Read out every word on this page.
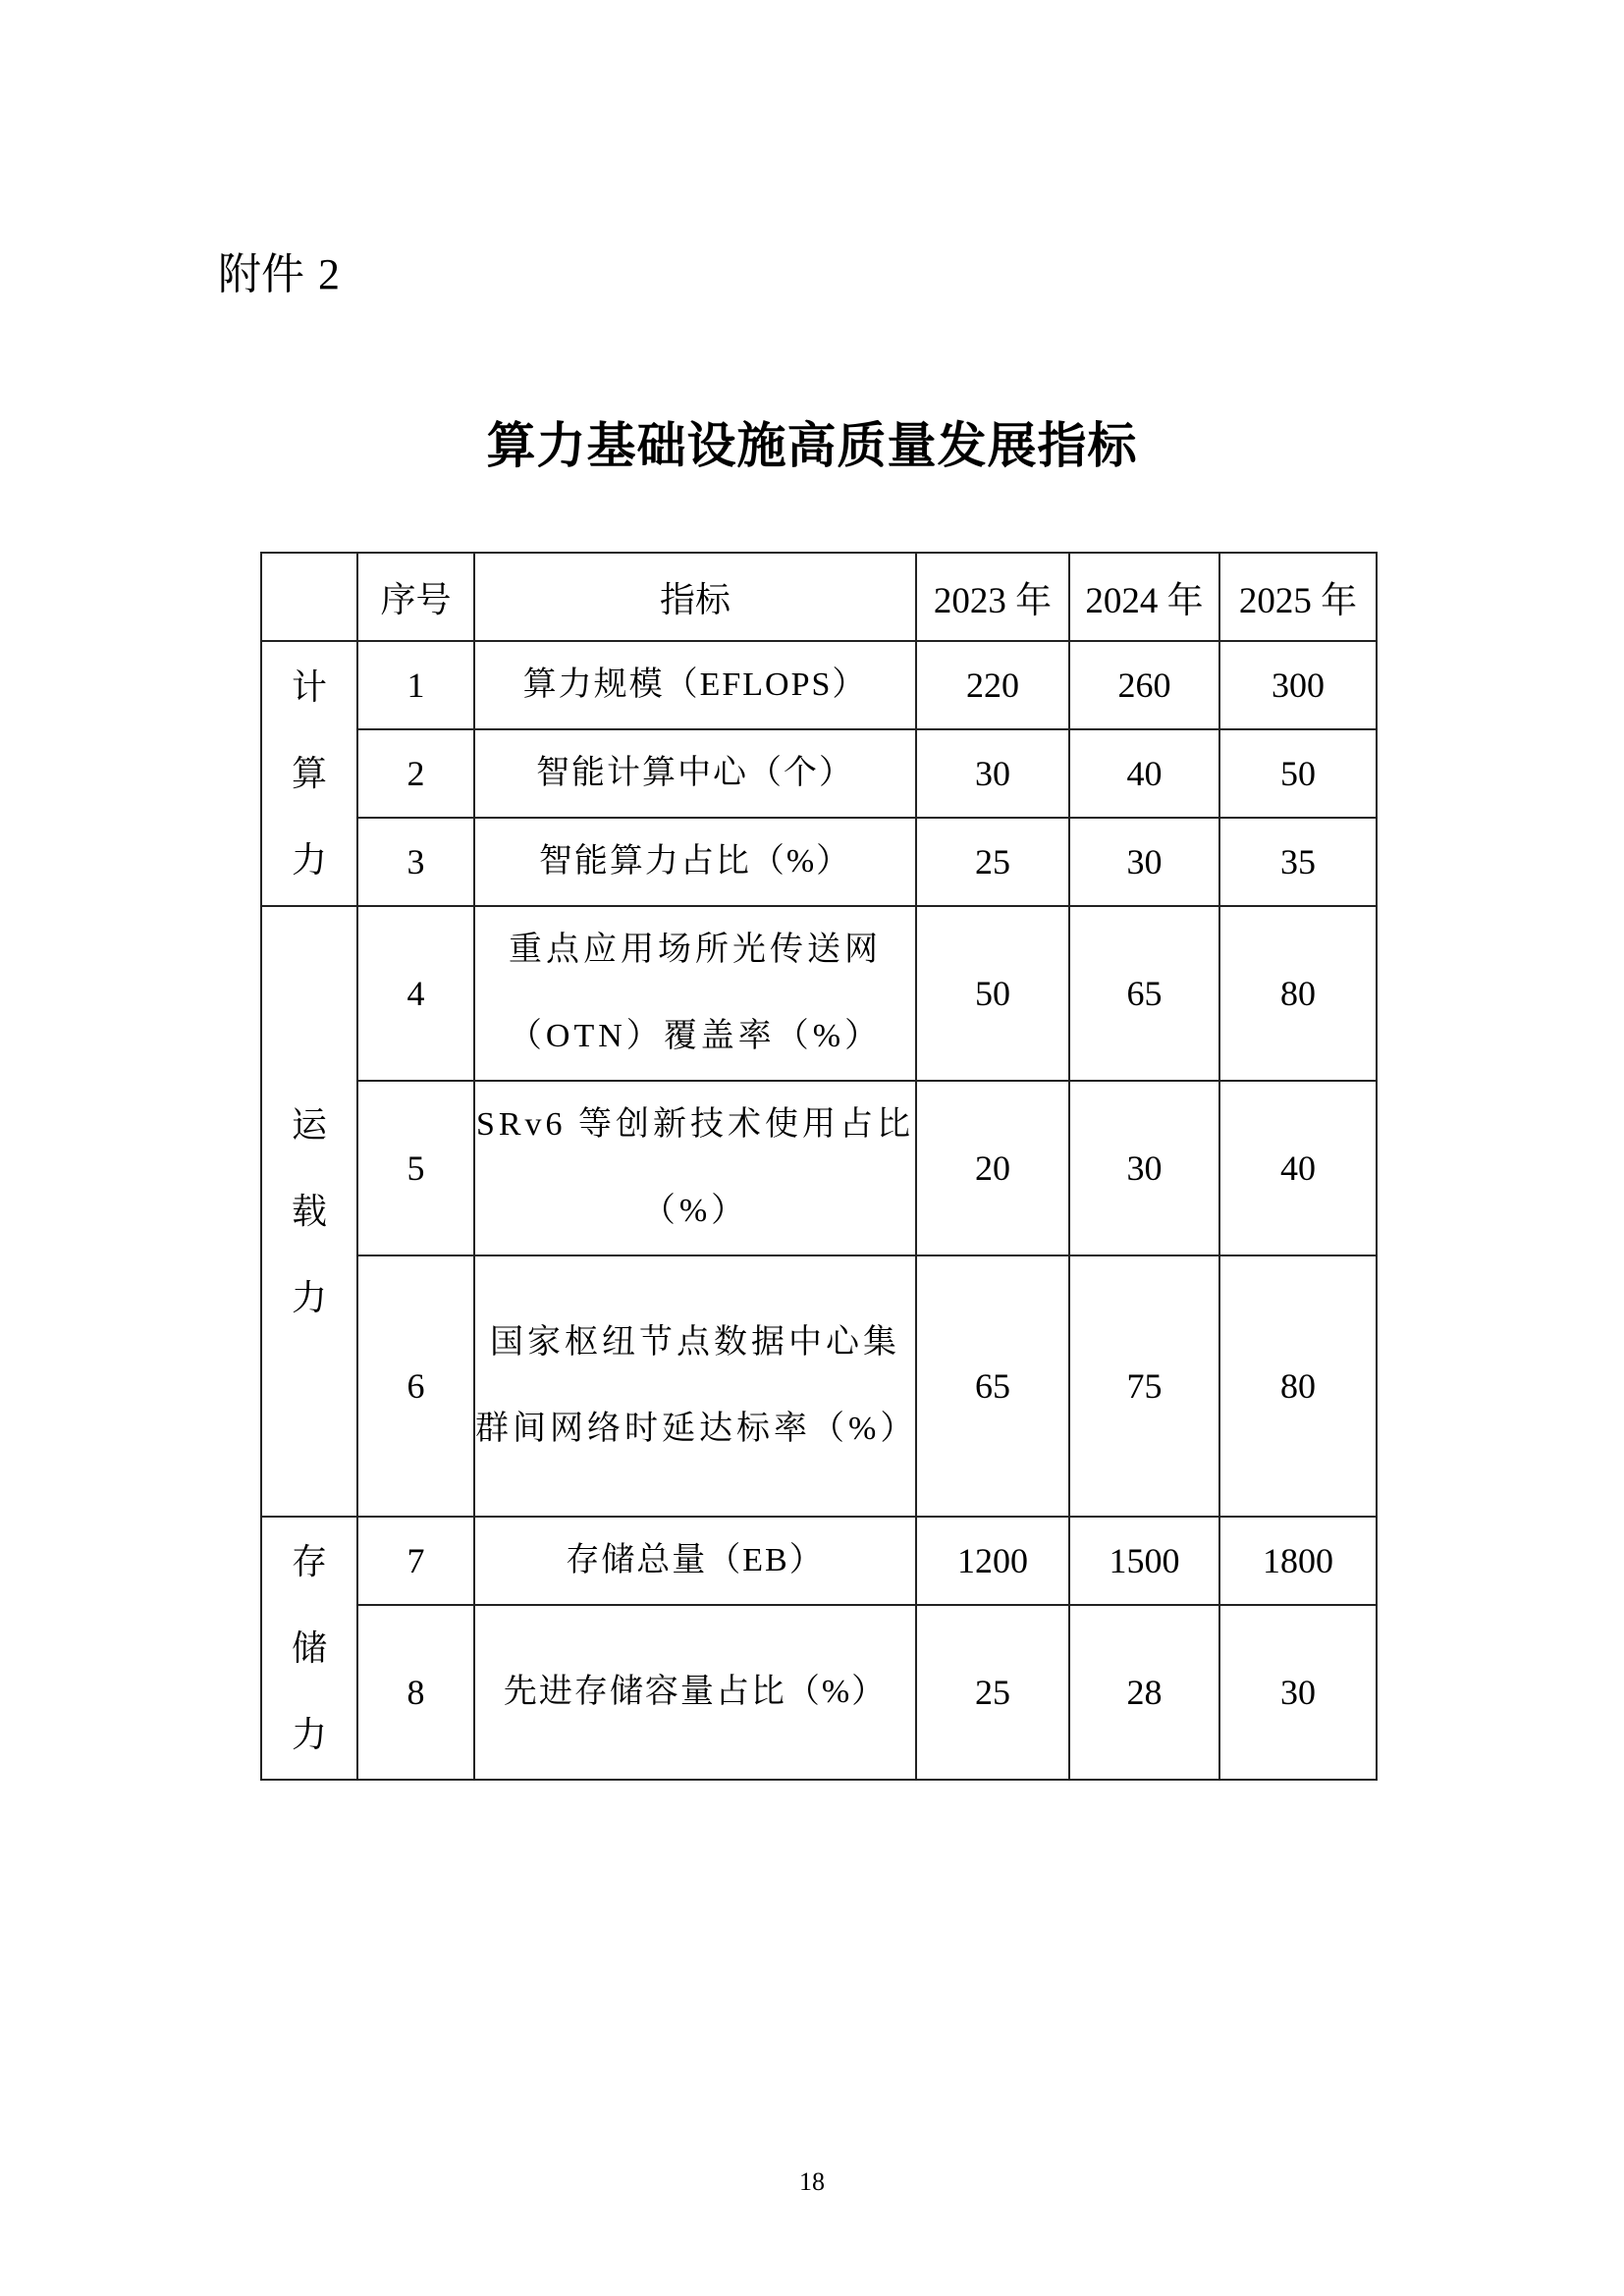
附件 2
算力基础设施高质量发展指标
	序号	指标	2023 年	2024 年	2025 年
计算力	1	算力规模（EFLOPS）	220	260	300
	2	智能计算中心（个）	30	40	50
	3	智能算力占比（%）	25	30	35
运载力	4	重点应用场所光传送网（OTN）覆盖率（%）	50	65	80
	5	SRv6 等创新技术使用占比（%）	20	30	40
	6	国家枢纽节点数据中心集群间网络时延达标率（%）	65	75	80
存储力	7	存储总量（EB）	1200	1500	1800
	8	先进存储容量占比（%）	25	28	30
18
